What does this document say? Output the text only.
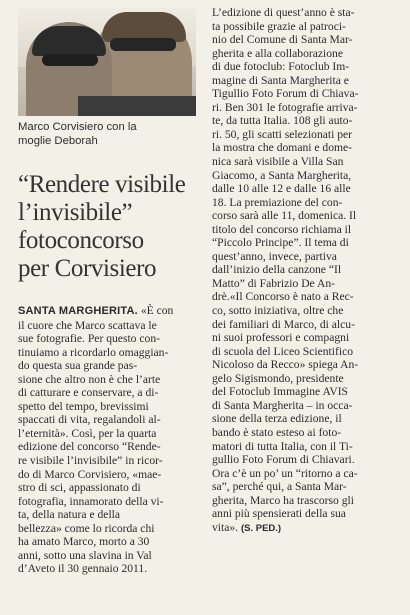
Marco Corvisiero con la
moglie Deborah
“Rendere visibile
l’invisibile”
fotoconcorso
per Corvisiero
SANTA MARGHERITA. «È con
il cuore che Marco scattava le
sue fotografie. Per questo con-
tinuiamo a ricordarlo omaggian-
do questa sua grande pas-
sione che altro non è che l’arte
di catturare e conservare, a di-
spetto del tempo, brevissimi
spaccati di vita, regalandoli al-
l’eternità». Così, per la quarta
edizione del concorso “Rende-
re visibile l’invisibile” in ricor-
do di Marco Corvisiero, «mae-
stro di sci, appassionato di
fotografia, innamorato della vi-
ta, della natura e della
bellezza» come lo ricorda chi
ha amato Marco, morto a 30
anni, sotto una slavina in Val
d’Aveto il 30 gennaio 2011.
L’edizione di quest’anno è sta-
ta possibile grazie al patroci-
nio del Comune di Santa Mar-
gherita e alla collaborazione
di due fotoclub: Fotoclub Im-
magine di Santa Margherita e
Tigullio Foto Forum di Chiava-
ri. Ben 301 le fotografie arriva-
te, da tutta Italia. 108 gli auto-
ri. 50, gli scatti selezionati per
la mostra che domani e dome-
nica sarà visibile a Villa San
Giacomo, a Santa Margherita,
dalle 10 alle 12 e dalle 16 alle
18. La premiazione del con-
corso sarà alle 11, domenica. Il
titolo del concorso richiama il
“Piccolo Principe”. Il tema di
quest’anno, invece, partiva
dall’inizio della canzone “Il
Matto” di Fabrizio De An-
drè.«Il Concorso è nato a Rec-
co, sotto iniziativa, oltre che
dei familiari di Marco, di alcu-
ni suoi professori e compagni
di scuola del Liceo Scientifico
Nicoloso da Recco» spiega An-
gelo Sigismondo, presidente
del Fotoclub Immagine AVIS
di Santa Margherita – in occa-
sione della terza edizione, il
bando è stato esteso ai foto-
matori di tutta Italia, con il Ti-
gullio Foto Forum di Chiavari.
Ora c’è un po’ un “ritorno a ca-
sa”, perché qui, a Santa Mar-
gherita, Marco ha trascorso gli
anni più spensierati della sua
vita». (S. PED.)
